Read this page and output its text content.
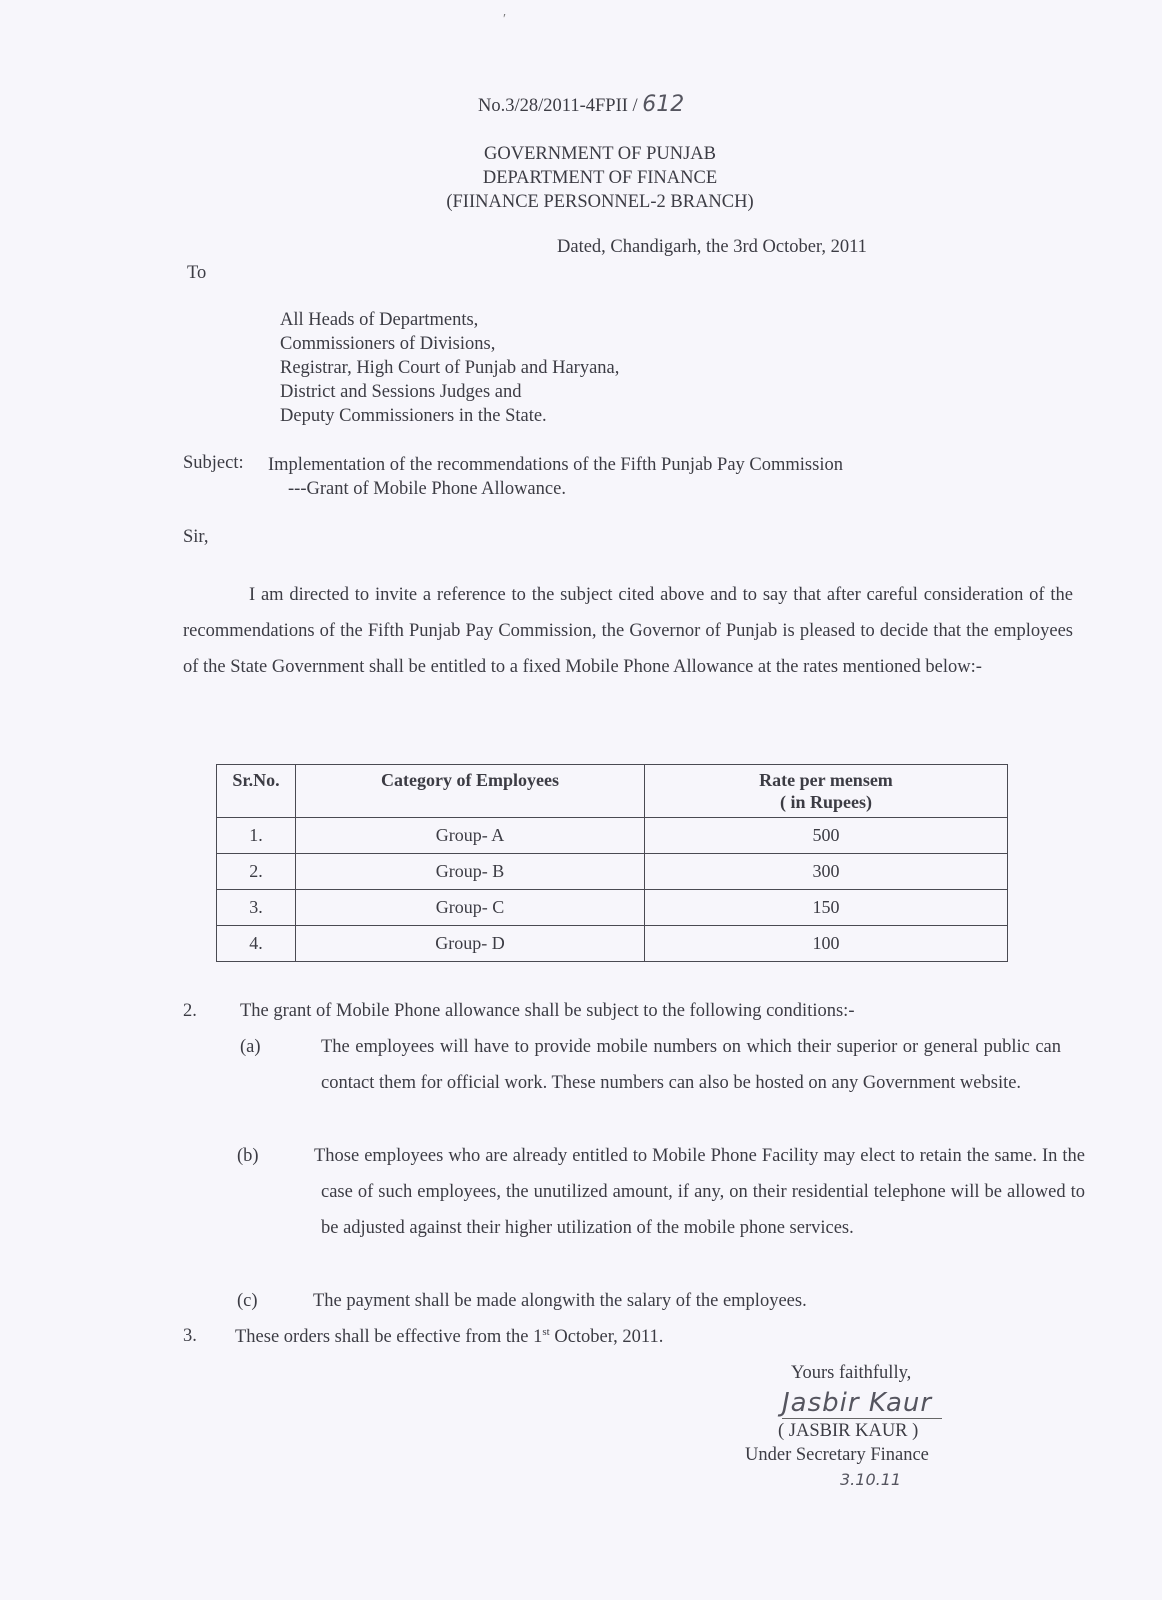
′
No.3/28/2011-4FPII / 612
GOVERNMENT OF PUNJAB
DEPARTMENT OF FINANCE
(FIINANCE PERSONNEL-2 BRANCH)
Dated, Chandigarh, the 3rd October, 2011
To
All Heads of Departments,
Commissioners of Divisions,
Registrar, High Court of Punjab and Haryana,
District and Sessions Judges and
Deputy Commissioners in the State.
Subject: Implementation of the recommendations of the Fifth Punjab Pay Commission
---Grant of Mobile Phone Allowance.
Sir,
I am directed to invite a reference to the subject cited above and to say that after careful consideration of the recommendations of the Fifth Punjab Pay Commission, the Governor of Punjab is pleased to decide that the employees of the State Government shall be entitled to a fixed Mobile Phone Allowance at the rates mentioned below:-
Sr.No.	Category of Employees	Rate per mensem
( in Rupees)

1.	Group- A	500
2.	Group- B	300
3.	Group- C	150
4.	Group- D	100
2. The grant of Mobile Phone allowance shall be subject to the following conditions:-
(a)	The employees will have to provide mobile numbers on which their superior or general public can contact them for official work. These numbers can also be hosted on any Government website.
(b)	Those employees who are already entitled to Mobile Phone Facility may elect to retain the same. In the case of such employees, the unutilized amount, if any, on their residential telephone will be allowed to be adjusted against their higher utilization of the mobile phone services.
(c)	The payment shall be made alongwith the salary of the employees.
3. These orders shall be effective from the 1st October, 2011.
Yours faithfully,
Jasbir Kaur
( JASBIR KAUR )
Under Secretary Finance
3.10.11
